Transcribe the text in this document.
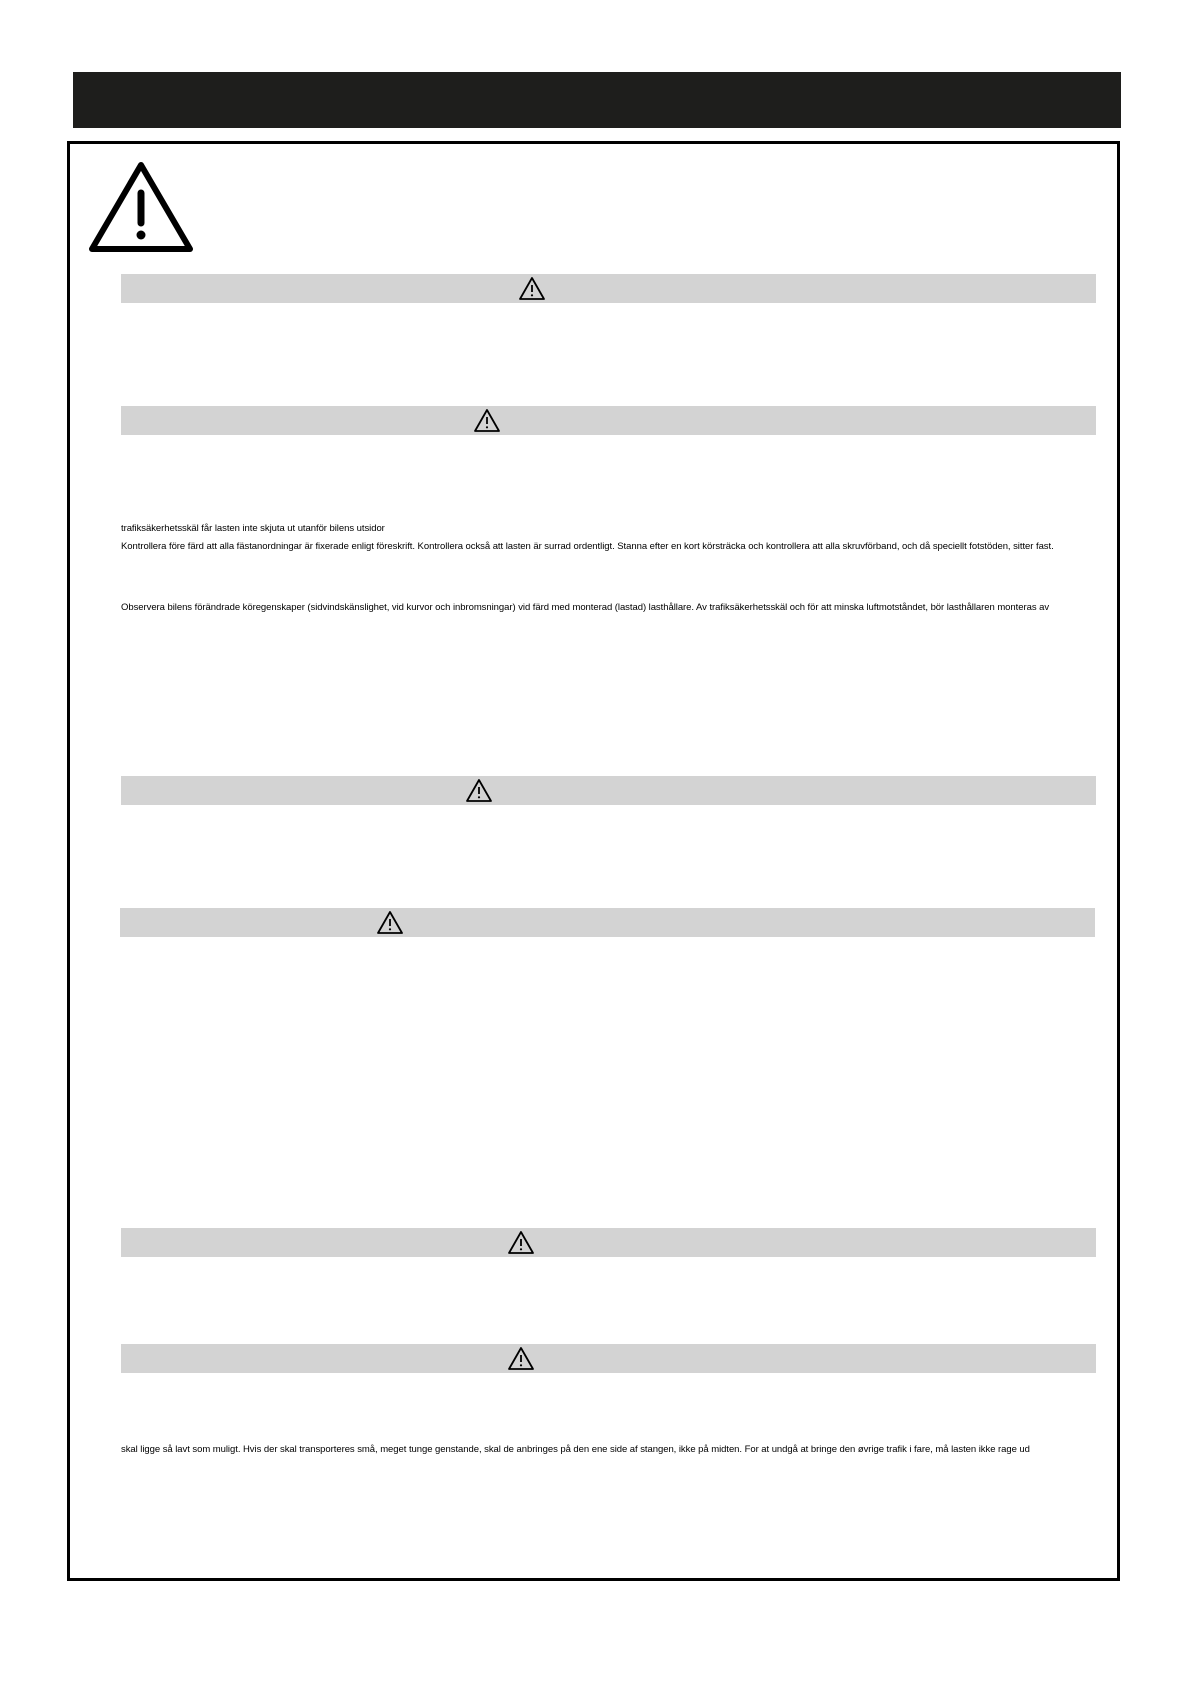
trafiksäkerhetsskäl får lasten inte skjuta ut utanför bilens utsidor
Kontrollera före färd att alla fästanordningar är fixerade enligt föreskrift. Kontrollera också att lasten är surrad ordentligt. Stanna efter en kort körsträcka och kontrollera att alla skruvförband, och då speciellt fotstöden, sitter fast.
Observera bilens förändrade köregenskaper (sidvindskänslighet, vid kurvor och inbromsningar) vid färd med monterad (lastad) lasthållare. Av trafiksäkerhetsskäl och för att minska luftmotståndet, bör lasthållaren monteras av
skal ligge så lavt som muligt. Hvis der skal transporteres små, meget tunge genstande, skal de anbringes på den ene side af stangen, ikke på midten. For at undgå at bringe den øvrige trafik i fare, må lasten ikke rage ud
